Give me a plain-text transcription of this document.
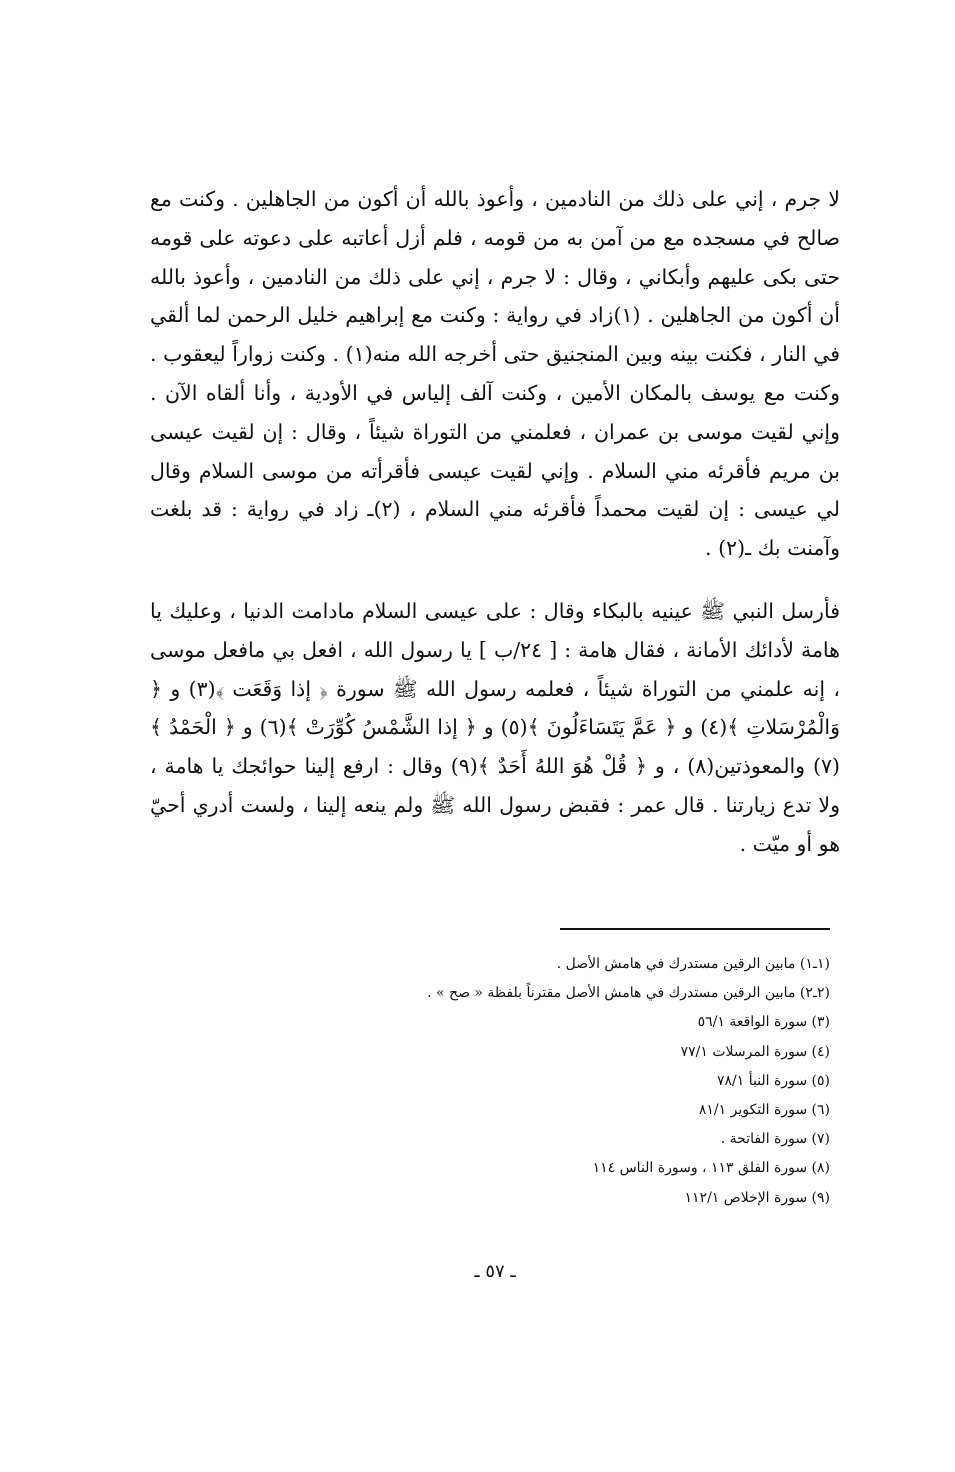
لا جرم ، إني على ذلك من النادمين ، وأعوذ بالله أن أكون من الجاهلين . وكنت مع صالح في مسجده مع من آمن به من قومه ، فلم أزل أعاتبه على دعوته على قومه حتى بكى عليهم وأبكاني ، وقال : لا جرم ، إني على ذلك من النادمين ، وأعوذ بالله أن أكون من الجاهلين . (١)زاد في رواية : وكنت مع إبراهيم خليل الرحمن لما ألقي في النار ، فكنت بينه وبين المنجنيق حتى أخرجه الله منه(١) . وكنت زواراً ليعقوب . وكنت مع يوسف بالمكان الأمين ، وكنت آلف إلياس في الأودية ، وأنا ألقاه الآن . وإني لقيت موسى بن عمران ، فعلمني من التوراة شيئاً ، وقال : إن لقيت عيسى بن مريم فأقرئه مني السلام . وإني لقيت عيسى فأقرأته من موسى السلام وقال لي عيسى : إن لقيت محمداً فأقرئه مني السلام ، (٢)ـ زاد في رواية : قد بلغت وآمنت بك ـ(٢) .

فأرسل النبي ﷺ عينيه بالبكاء وقال : على عيسى السلام مادامت الدنيا ، وعليك يا هامة لأدائك الأمانة ، فقال هامة : [ ٢٤/ب ] يا رسول الله ، افعل بي مافعل موسى ، إنه علمني من التوراة شيئاً ، فعلمه رسول الله ﷺ سورة ﴿ إذا وَقَعَت ﴾(٣) و ﴿ وَالْمُرْسَلاتِ ﴾(٤) و ﴿ عَمَّ يَتَسَاءَلُونَ ﴾(٥) و ﴿ إذا الشَّمْسُ كُوِّرَتْ ﴾(٦) و ﴿ الْحَمْدُ ﴾(٧) والمعوذتين(٨) ، و ﴿ قُلْ هُوَ اللهُ أَحَدٌ ﴾(٩) وقال : ارفع إلينا حوائجك يا هامة ، ولا تدع زيارتنا . قال عمر : فقبض رسول الله ﷺ ولم ينعه إلينا ، ولست أدري أحيّ هو أو ميّت .

(١ـ١) مابين الرقين مستدرك في هامش الأصل .
(٢ـ٢) مابين الرقين مستدرك في هامش الأصل مقترناً بلفظة « صح » .
(٣) سورة الواقعة ٥٦/١
(٤) سورة المرسلات ٧٧/١
(٥) سورة النبأ ٧٨/١
(٦) سورة التكوير ٨١/١
(٧) سورة الفاتحة .
(٨) سورة الفلق ١١٣ ، وسورة الناس ١١٤
(٩) سورة الإخلاص ١١٢/١
ـ ٥٧ ـ
